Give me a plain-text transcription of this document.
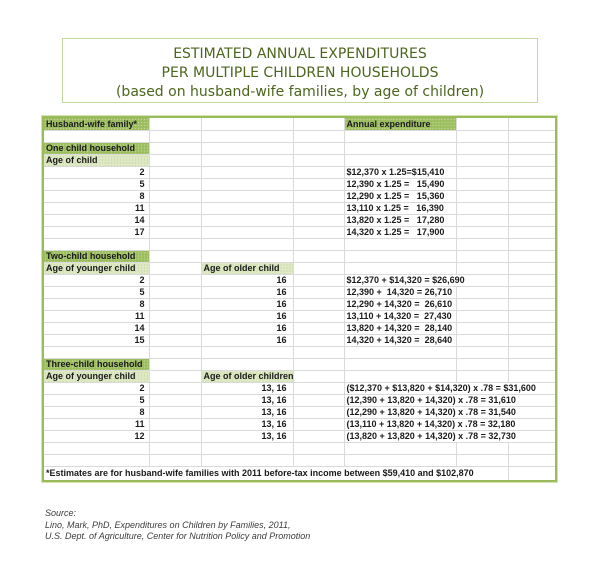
ESTIMATED ANNUAL EXPENDITURES
PER MULTIPLE CHILDREN HOUSEHOLDS
(based on husband-wife families, by age of children)
Husband-wife family*				Annual expenditure		

One child household						
Age of child						
2				$12,370 x 1.25=$15,410		
5				12,390 x 1.25 =   15,490		
8				12,290 x 1.25 =   15,360		
11				13,110 x 1.25 =   16,390		
14				13,820 x 1.25 =   17,280		
17				14,320 x 1.25 =   17,900		

Two-child household						
Age of younger child		Age of older child				
2		16		$12,370 + $14,320 = $26,690		
5		16		12,390 +  14,320 = 26,710		
8		16		12,290 + 14,320 =  26,610		
11		16		13,110 + 14,320 =  27,430		
14		16		13,820 + 14,320 =  28,140		
15		16		14,320 + 14,320 =  28,640		

Three-child household						
Age of younger child		Age of older children				
2		13, 16		($12,370 + $13,820 + $14,320) x .78 = $31,600		
5		13, 16		(12,390 + 13,820 + 14,320) x .78 = 31,610		
8		13, 16		(12,290 + 13,820 + 14,320) x .78 = 31,540		
11		13, 16		(13,110 + 13,820 + 14,320) x .78 = 32,180		
12		13, 16		(13,820 + 13,820 + 14,320) x .78 = 32,730		

*Estimates are for husband-wife families with 2011 before-tax income between $59,410 and $102,870						
Source:
Lino, Mark, PhD, Expenditures on Children by Families, 2011,
U.S. Dept. of Agriculture, Center for Nutrition Policy and Promotion
